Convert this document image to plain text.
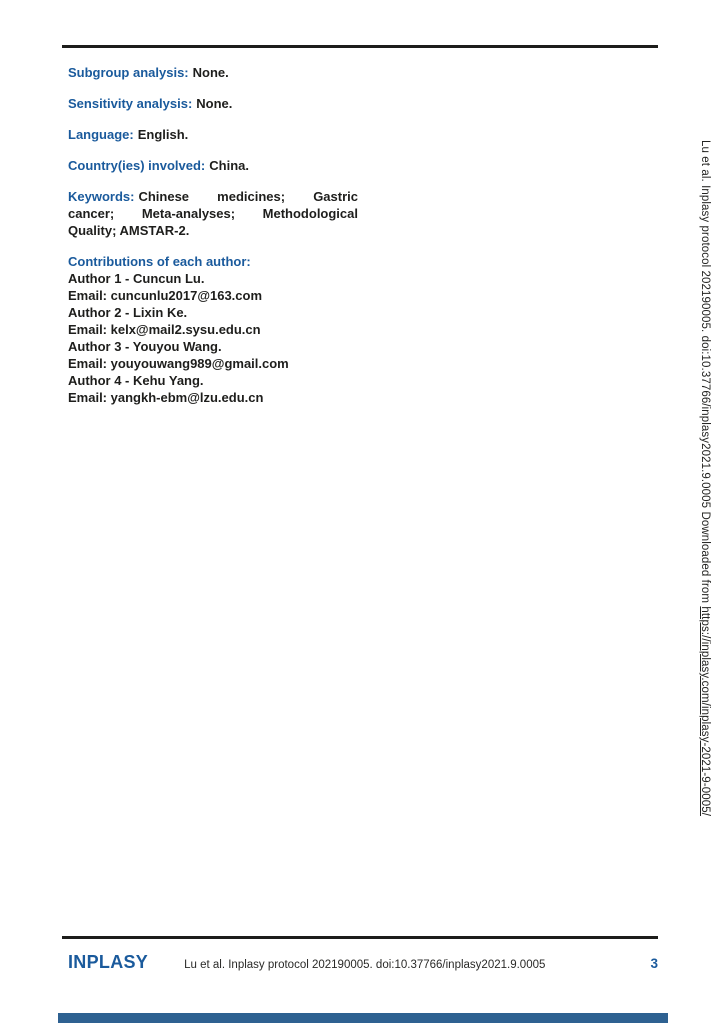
Subgroup analysis: None.

Sensitivity analysis: None.

Language: English.

Country(ies) involved: China.

Keywords: Chinese medicines; Gastric cancer; Meta-analyses; Methodological Quality; AMSTAR-2.

Contributions of each author:
Author 1 - Cuncun Lu.
Email: cuncunlu2017@163.com
Author 2 - Lixin Ke.
Email: kelx@mail2.sysu.edu.cn
Author 3 - Youyou Wang.
Email: youyouwang989@gmail.com
Author 4 - Kehu Yang.
Email: yangkh-ebm@lzu.edu.cn	Lu et al. Inplasy protocol 202190005. doi:10.37766/inplasy2021.9.0005 Downloaded from https://inplasy.com/inplasy-2021-9-0005/
INPLASY	Lu et al. Inplasy protocol 202190005. doi:10.37766/inplasy2021.9.0005	3
